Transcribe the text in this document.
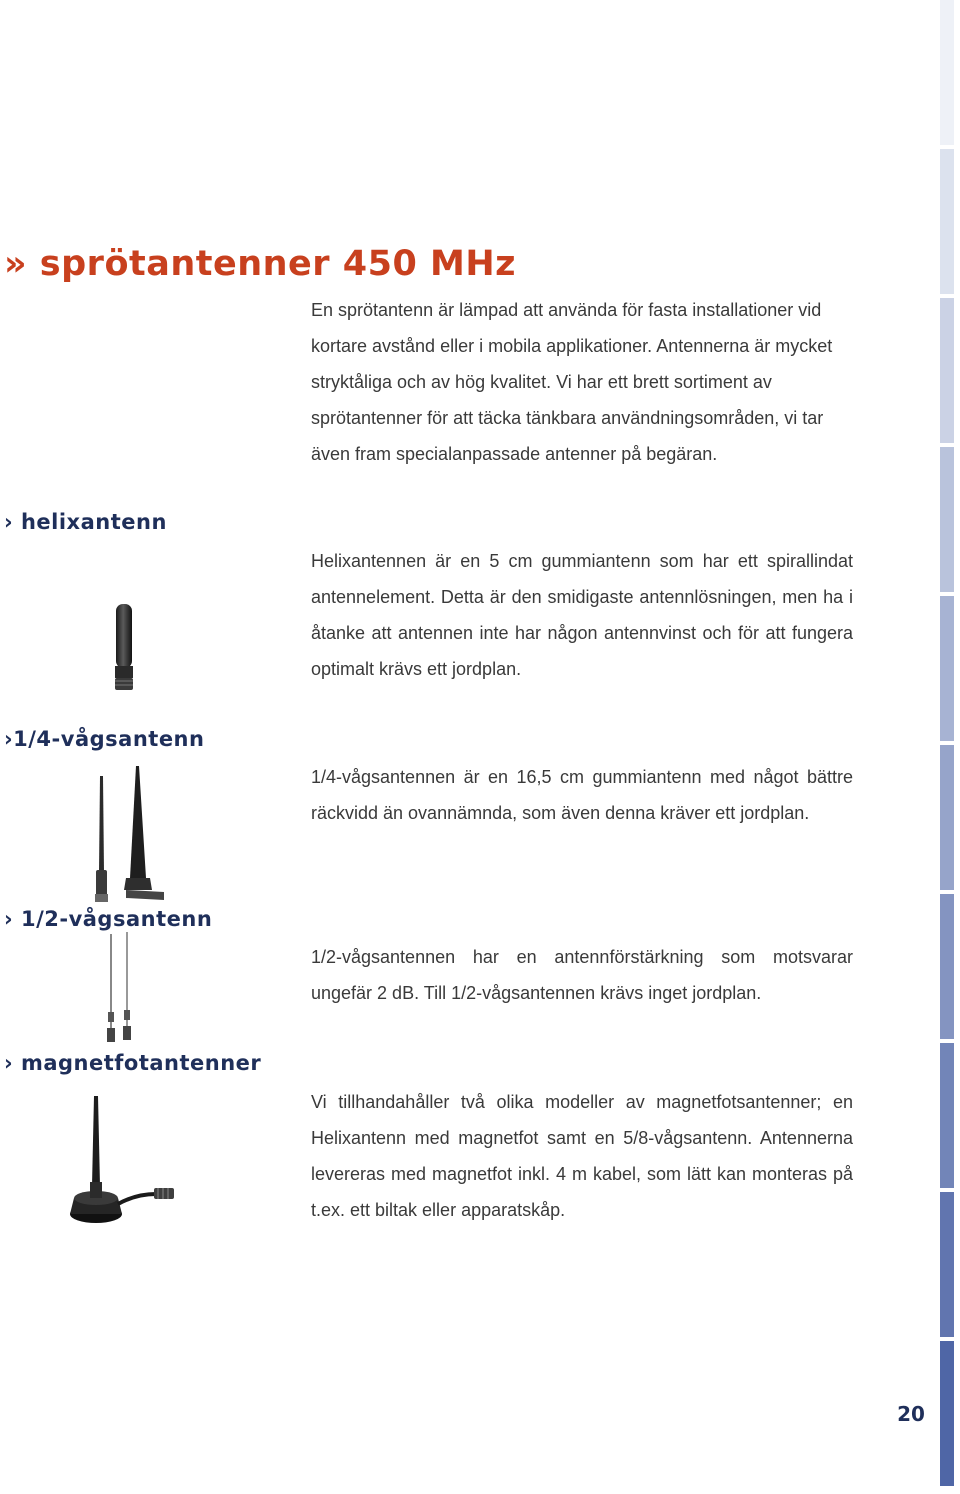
» sprötantenner 450 MHz

En sprötantenn är lämpad att använda för fasta installationer vid kortare avstånd eller i mobila applikationer. Antennerna är mycket stryktåliga och av hög kvalitet. Vi har ett brett sortiment av sprötantenner för att täcka tänkbara användningsområden, vi tar även fram specialanpassade antenner på begäran.

› helixantenn

Helixantennen är en 5 cm gummiantenn som har ett spirallindat antennelement. Detta är den smidigaste antennlösningen, men ha i åtanke att antennen inte har någon antennvinst och för att fungera optimalt krävs ett jordplan.

›1/4-vågsantenn

1/4-vågsantennen är en 16,5 cm gummiantenn med något bättre räckvidd än ovannämnda, som även denna kräver ett jordplan.

› 1/2-vågsantenn

1/2-vågsantennen har en antennförstärkning som motsvarar ungefär 2 dB. Till 1/2-vågsantennen krävs inget jordplan.

› magnetfotantenner

Vi tillhandahåller två olika modeller av magnetfotsantenner; en Helixantenn med magnetfot samt en 5/8-vågsantenn. Antennerna levereras med magnetfot inkl. 4 m kabel, som lätt kan monteras på t.ex. ett biltak eller apparatskåp.

20
